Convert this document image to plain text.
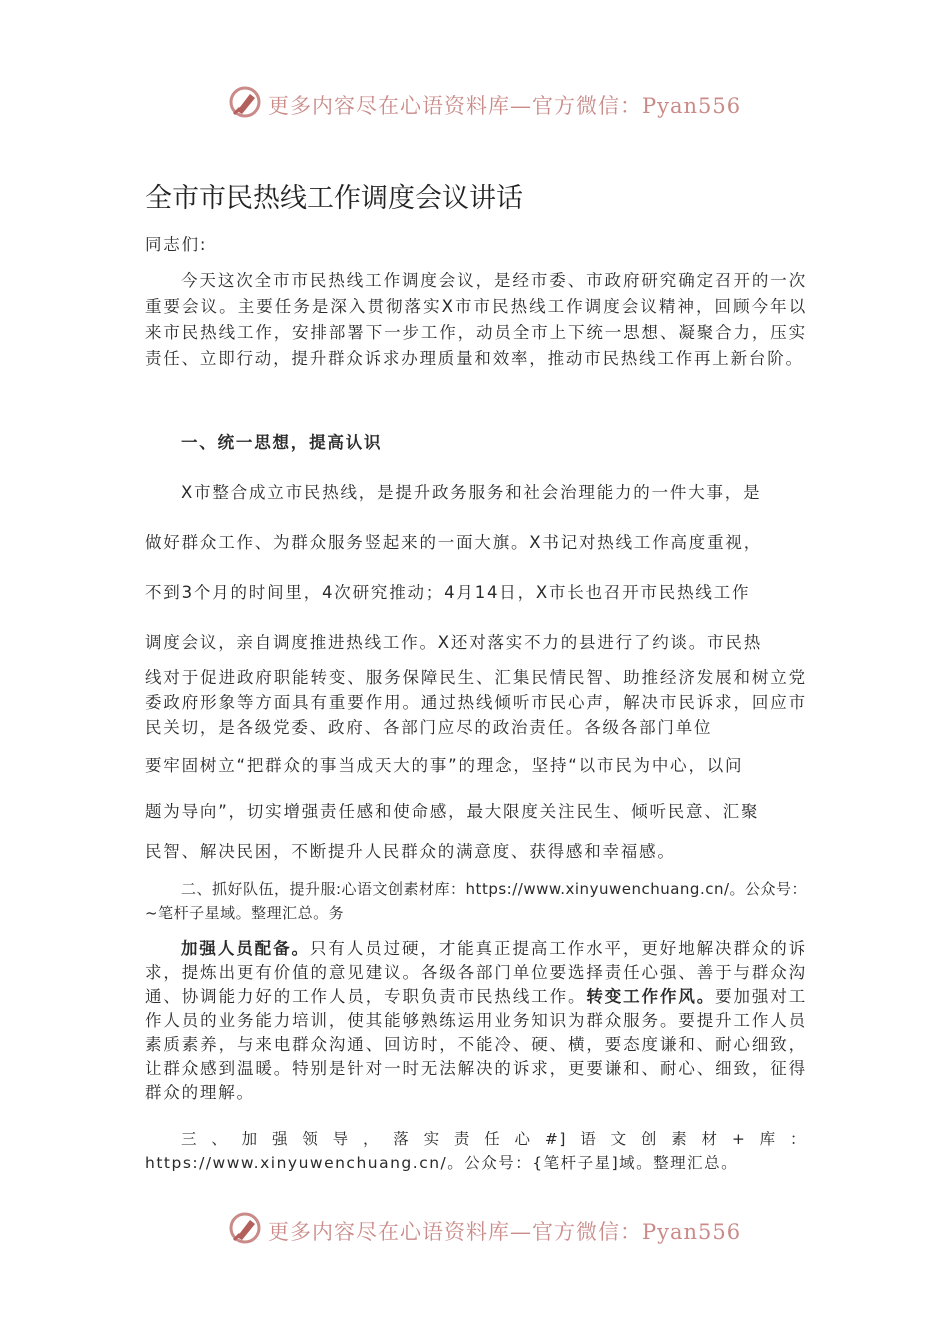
更多内容尽在心语资料库—官方微信：Pyan556
全市市民热线工作调度会议讲话
同志们:
今天这次全市市民热线工作调度会议，是经市委、市政府研究确定召开的一次重要会议。主要任务是深入贯彻落实X市市民热线工作调度会议精神，回顾今年以来市民热线工作，安排部署下一步工作，动员全市上下统一思想、凝聚合力，压实责任、立即行动，提升群众诉求办理质量和效率，推动市民热线工作再上新台阶。
一、统一思想，提高认识
X市整合成立市民热线，是提升政务服务和社会治理能力的一件大事，是
做好群众工作、为群众服务竖起来的一面大旗。X书记对热线工作高度重视，
不到3个月的时间里，4次研究推动；4月14日，X市长也召开市民热线工作
调度会议，亲自调度推进热线工作。X还对落实不力的县进行了约谈。市民热
线对于促进政府职能转变、服务保障民生、汇集民情民智、助推经济发展和树立党委政府形象等方面具有重要作用。通过热线倾听市民心声，解决市民诉求，回应市民关切，是各级党委、政府、各部门应尽的政治责任。各级各部门单位
要牢固树立“把群众的事当成天大的事”的理念，坚持“以市民为中心，以问
题为导向”，切实增强责任感和使命感，最大限度关注民生、倾听民意、汇聚
民智、解决民困，不断提升人民群众的满意度、获得感和幸福感。
二、抓好队伍，提升服:心语文创素材库：https://www.xinyuwenchuang.cn/。公众号：~笔杆子星域。整理汇总。务
加强人员配备。只有人员过硬，才能真正提高工作水平，更好地解决群众的诉求，提炼出更有价值的意见建议。各级各部门单位要选择责任心强、善于与群众沟通、协调能力好的工作人员，专职负责市民热线工作。转变工作作风。要加强对工作人员的业务能力培训，使其能够熟练运用业务知识为群众服务。要提升工作人员素质素养，与来电群众沟通、回访时，不能冷、硬、横，要态度谦和、耐心细致，让群众感到温暖。特别是针对一时无法解决的诉求，更要谦和、耐心、细致，征得群众的理解。
三、加强领导，落实责任心#]语文创素材+库：https://www.xinyuwenchuang.cn/。公众号：{笔杆子星]域。整理汇总。
更多内容尽在心语资料库—官方微信：Pyan556
